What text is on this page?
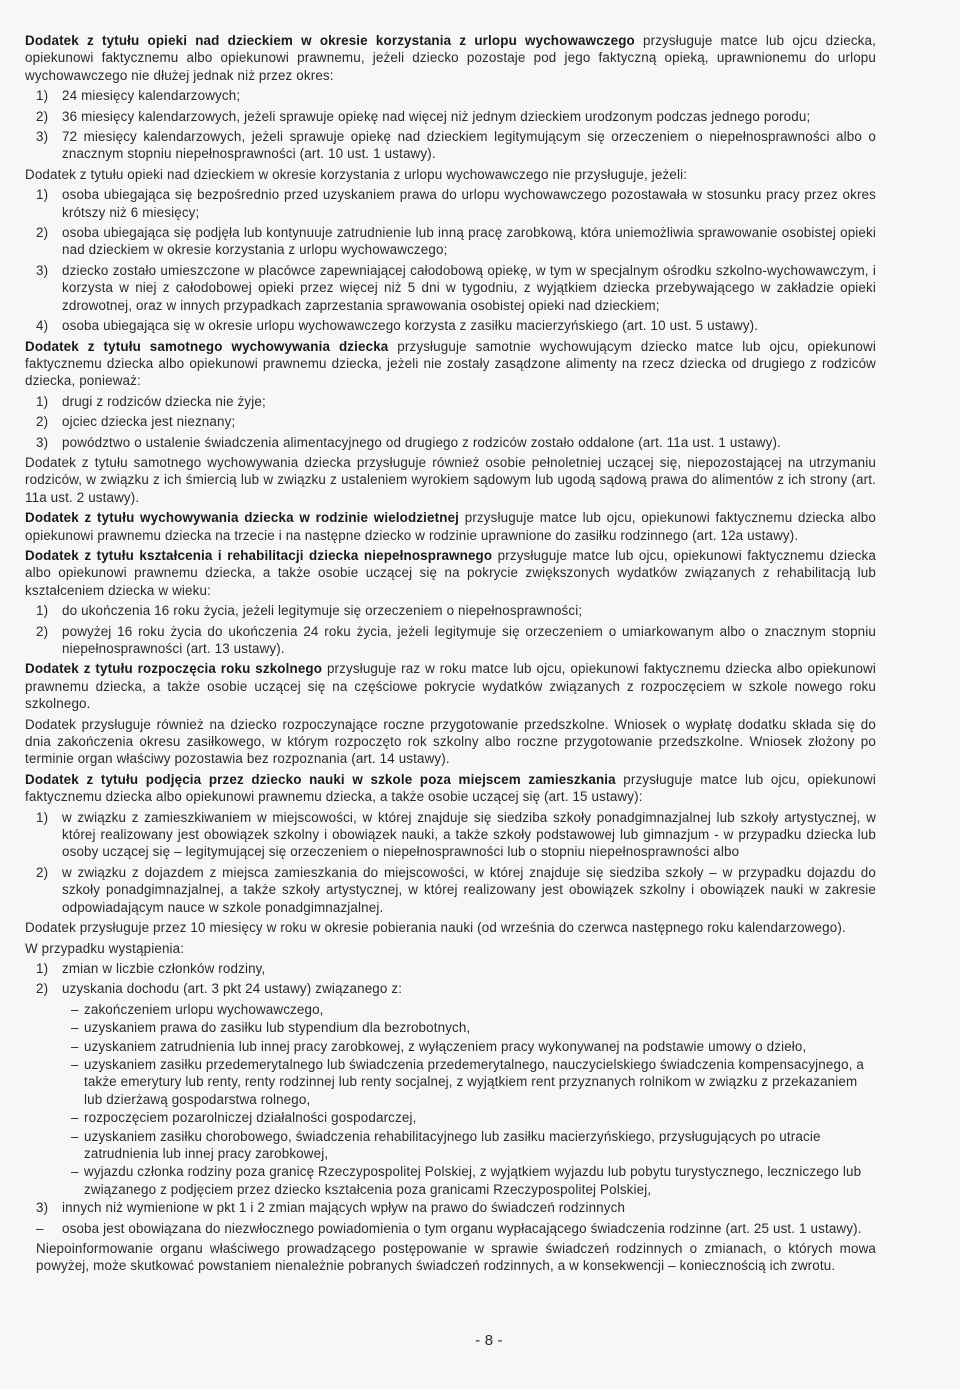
Dodatek z tytułu opieki nad dzieckiem w okresie korzystania z urlopu wychowawczego przysługuje matce lub ojcu dziecka, opiekunowi faktycznemu albo opiekunowi prawnemu, jeżeli dziecko pozostaje pod jego faktyczną opieką, uprawnionemu do urlopu wychowawczego nie dłużej jednak niż przez okres:

1) 24 miesięcy kalendarzowych;
2) 36 miesięcy kalendarzowych, jeżeli sprawuje opiekę nad więcej niż jednym dzieckiem urodzonym podczas jednego porodu;
3) 72 miesięcy kalendarzowych, jeżeli sprawuje opiekę nad dzieckiem legitymującym się orzeczeniem o niepełnosprawności albo o znacznym stopniu niepełnosprawności (art. 10 ust. 1 ustawy).

Dodatek z tytułu opieki nad dzieckiem w okresie korzystania z urlopu wychowawczego nie przysługuje, jeżeli:

1) osoba ubiegająca się bezpośrednio przed uzyskaniem prawa do urlopu wychowawczego pozostawała w stosunku pracy przez okres krótszy niż 6 miesięcy;
2) osoba ubiegająca się podjęła lub kontynuuje zatrudnienie lub inną pracę zarobkową, która uniemożliwia sprawowanie osobistej opieki nad dzieckiem w okresie korzystania z urlopu wychowawczego;
3) dziecko zostało umieszczone w placówce zapewniającej całodobową opiekę, w tym w specjalnym ośrodku szkolno-wychowawczym, i korzysta w niej z całodobowej opieki przez więcej niż 5 dni w tygodniu, z wyjątkiem dziecka przebywającego w zakładzie opieki zdrowotnej, oraz w innych przypadkach zaprzestania sprawowania osobistej opieki nad dzieckiem;
4) osoba ubiegająca się w okresie urlopu wychowawczego korzysta z zasiłku macierzyńskiego (art. 10 ust. 5 ustawy).

Dodatek z tytułu samotnego wychowywania dziecka przysługuje samotnie wychowującym dziecko matce lub ojcu, opiekunowi faktycznemu dziecka albo opiekunowi prawnemu dziecka, jeżeli nie zostały zasądzone alimenty na rzecz dziecka od drugiego z rodziców dziecka, ponieważ:

1) drugi z rodziców dziecka nie żyje;
2) ojciec dziecka jest nieznany;
3) powództwo o ustalenie świadczenia alimentacyjnego od drugiego z rodziców zostało oddalone (art. 11a ust. 1 ustawy).

Dodatek z tytułu samotnego wychowywania dziecka przysługuje również osobie pełnoletniej uczącej się, niepozostającej na utrzymaniu rodziców, w związku z ich śmiercią lub w związku z ustaleniem wyrokiem sądowym lub ugodą sądową prawa do alimentów z ich strony (art. 11a ust. 2 ustawy).

Dodatek z tytułu wychowywania dziecka w rodzinie wielodzietnej przysługuje matce lub ojcu, opiekunowi faktycznemu dziecka albo opiekunowi prawnemu dziecka na trzecie i na następne dziecko w rodzinie uprawnione do zasiłku rodzinnego (art. 12a ustawy).

Dodatek z tytułu kształcenia i rehabilitacji dziecka niepełnosprawnego przysługuje matce lub ojcu, opiekunowi faktycznemu dziecka albo opiekunowi prawnemu dziecka, a także osobie uczącej się na pokrycie zwiększonych wydatków związanych z rehabilitacją lub kształceniem dziecka w wieku:

1) do ukończenia 16 roku życia, jeżeli legitymuje się orzeczeniem o niepełnosprawności;
2) powyżej 16 roku życia do ukończenia 24 roku życia, jeżeli legitymuje się orzeczeniem o umiarkowanym albo o znacznym stopniu niepełnosprawności (art. 13 ustawy).

Dodatek z tytułu rozpoczęcia roku szkolnego przysługuje raz w roku matce lub ojcu, opiekunowi faktycznemu dziecka albo opiekunowi prawnemu dziecka, a także osobie uczącej się na częściowe pokrycie wydatków związanych z rozpoczęciem w szkole nowego roku szkolnego.

Dodatek przysługuje również na dziecko rozpoczynające roczne przygotowanie przedszkolne. Wniosek o wypłatę dodatku składa się do dnia zakończenia okresu zasiłkowego, w którym rozpoczęto rok szkolny albo roczne przygotowanie przedszkolne. Wniosek złożony po terminie organ właściwy pozostawia bez rozpoznania (art. 14 ustawy).

Dodatek z tytułu podjęcia przez dziecko nauki w szkole poza miejscem zamieszkania przysługuje matce lub ojcu, opiekunowi faktycznemu dziecka albo opiekunowi prawnemu dziecka, a także osobie uczącej się (art. 15 ustawy):

1) w związku z zamieszkiwaniem w miejscowości, w której znajduje się siedziba szkoły ponadgimnazjalnej lub szkoły artystycznej, w której realizowany jest obowiązek szkolny i obowiązek nauki, a także szkoły podstawowej lub gimnazjum - w przypadku dziecka lub osoby uczącej się – legitymującej się orzeczeniem o niepełnosprawności lub o stopniu niepełnosprawności albo
2) w związku z dojazdem z miejsca zamieszkania do miejscowości, w której znajduje się siedziba szkoły – w przypadku dojazdu do szkoły ponadgimnazjalnej, a także szkoły artystycznej, w której realizowany jest obowiązek szkolny i obowiązek nauki w zakresie odpowiadającym nauce w szkole ponadgimnazjalnej.

Dodatek przysługuje przez 10 miesięcy w roku w okresie pobierania nauki (od września do czerwca następnego roku kalendarzowego).

W przypadku wystąpienia:

1) zmian w liczbie członków rodziny,
2) uzyskania dochodu (art. 3 pkt 24 ustawy) związanego z:
– zakończeniem urlopu wychowawczego,
– uzyskaniem prawa do zasiłku lub stypendium dla bezrobotnych,
– uzyskaniem zatrudnienia lub innej pracy zarobkowej, z wyłączeniem pracy wykonywanej na podstawie umowy o dzieło,
– uzyskaniem zasiłku przedemerytalnego lub świadczenia przedemerytalnego, nauczycielskiego świadczenia kompensacyjnego, a także emerytury lub renty, renty rodzinnej lub renty socjalnej, z wyjątkiem rent przyznanych rolnikom w związku z przekazaniem lub dzierżawą gospodarstwa rolnego,
– rozpoczęciem pozarolniczej działalności gospodarczej,
– uzyskaniem zasiłku chorobowego, świadczenia rehabilitacyjnego lub zasiłku macierzyńskiego, przysługujących po utracie zatrudnienia lub innej pracy zarobkowej,
– wyjazdu członka rodziny poza granicę Rzeczypospolitej Polskiej, z wyjątkiem wyjazdu lub pobytu turystycznego, leczniczego lub związanego z podjęciem przez dziecko kształcenia poza granicami Rzeczypospolitej Polskiej,
3) innych niż wymienione w pkt 1 i 2 zmian mających wpływ na prawo do świadczeń rodzinnych
– osoba jest obowiązana do niezwłocznego powiadomienia o tym organu wypłacającego świadczenia rodzinne (art. 25 ust. 1 ustawy).

Niepoinformowanie organu właściwego prowadzącego postępowanie w sprawie świadczeń rodzinnych o zmianach, o których mowa powyżej, może skutkować powstaniem nienależnie pobranych świadczeń rodzinnych, a w konsekwencji – koniecznością ich zwrotu.

- 8 -
